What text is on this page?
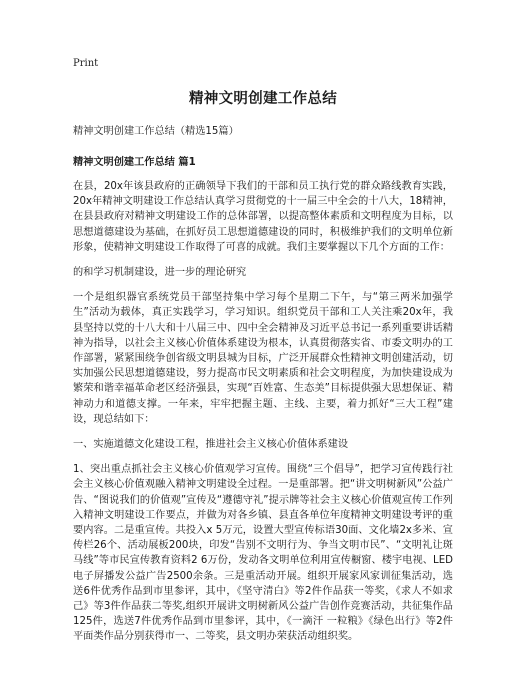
Print
精神文明创建工作总结
精神文明创建工作总结（精选15篇）
精神文明创建工作总结 篇1

在县，20x年该县政府的正确领导下我们的干部和员工执行党的群众路线教育实践，20x年精神文明建设工作总结认真学习贯彻党的十一届三中全会的十八大，18精神，在县县政府对精神文明建设工作的总体部署，以提高整体素质和文明程度为目标，以思想道德建设为基础，在抓好员工思想道德建设的同时，积极维护我们的文明单位新形象，使精神文明建设工作取得了可喜的成就。我们主要掌握以下几个方面的工作：

的和学习机制建设，进一步的理论研究

一个是组织器官系统党员干部坚持集中学习每个星期二下午，与“第三两米加强学生”活动为载体，真正实践学习，学习知识。组织党员干部和工人关注乘20x年，我县坚持以党的十八大和十八届三中、四中全会精神及习近平总书记一系列重要讲话精神为指导，以社会主义核心价值体系建设为根本，认真贯彻落实省、市委文明办的工作部署，紧紧围绕争创省级文明县城为目标，广泛开展群众性精神文明创建活动，切实加强公民思想道德建设，努力提高市民文明素质和社会文明程度，为加快建设成为繁荣和谐幸福革命老区经济强县，实现“百姓富、生态美”目标提供强大思想保证、精神动力和道德支撑。一年来，牢牢把握主题、主线、主要，着力抓好“三大工程”建设，现总结如下：

一、实施道德文化建设工程，推进社会主义核心价值体系建设

1、突出重点抓社会主义核心价值观学习宣传。围绕“三个倡导”，把学习宣传践行社会主义核心价值观融入精神文明建设全过程。一是重部署。把“讲文明树新风”公益广告、“图说我们的价值观”宣传及“遵德守礼”提示牌等社会主义核心价值观宣传工作列入精神文明建设工作要点，并做为对各乡镇、县直各单位年度精神文明建设考评的重要内容。二是重宣传。共投入x 5万元，设置大型宣传标语30面、文化墙2x多米、宣传栏26个、活动展板200块，印发“告别不文明行为、争当文明市民”、“文明礼让斑马线”等市民宣传教育资料2 6万份，发动各文明单位利用宣传橱窗、楼宇电视、LED电子屏播发公益广告2500余条。三是重活动开展。组织开展家风家训征集活动，选送6件优秀作品到市里参评，其中，《坚守清白》等2件作品获一等奖，《求人不如求己》等3件作品获二等奖,组织开展讲文明树新风公益广告创作竞赛活动，共征集作品125件，选送7件优秀作品到市里参评，其中，《一滴汗 一粒粮》《绿色出行》等2件平面类作品分别获得市一、二等奖，县文明办荣获活动组织奖。
